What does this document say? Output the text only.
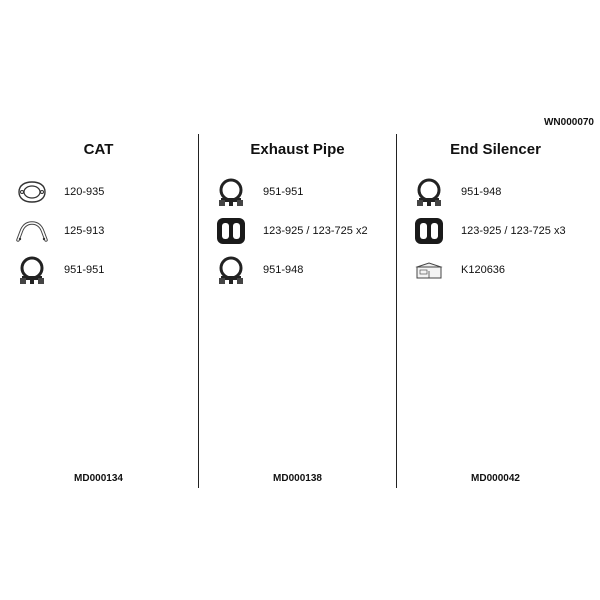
WN000070
CAT
120-935
125-913
951-951
MD000134
Exhaust Pipe
951-951
123-925 / 123-725 x2
951-948
MD000138
End Silencer
951-948
123-925 / 123-725 x3
K120636
MD000042
